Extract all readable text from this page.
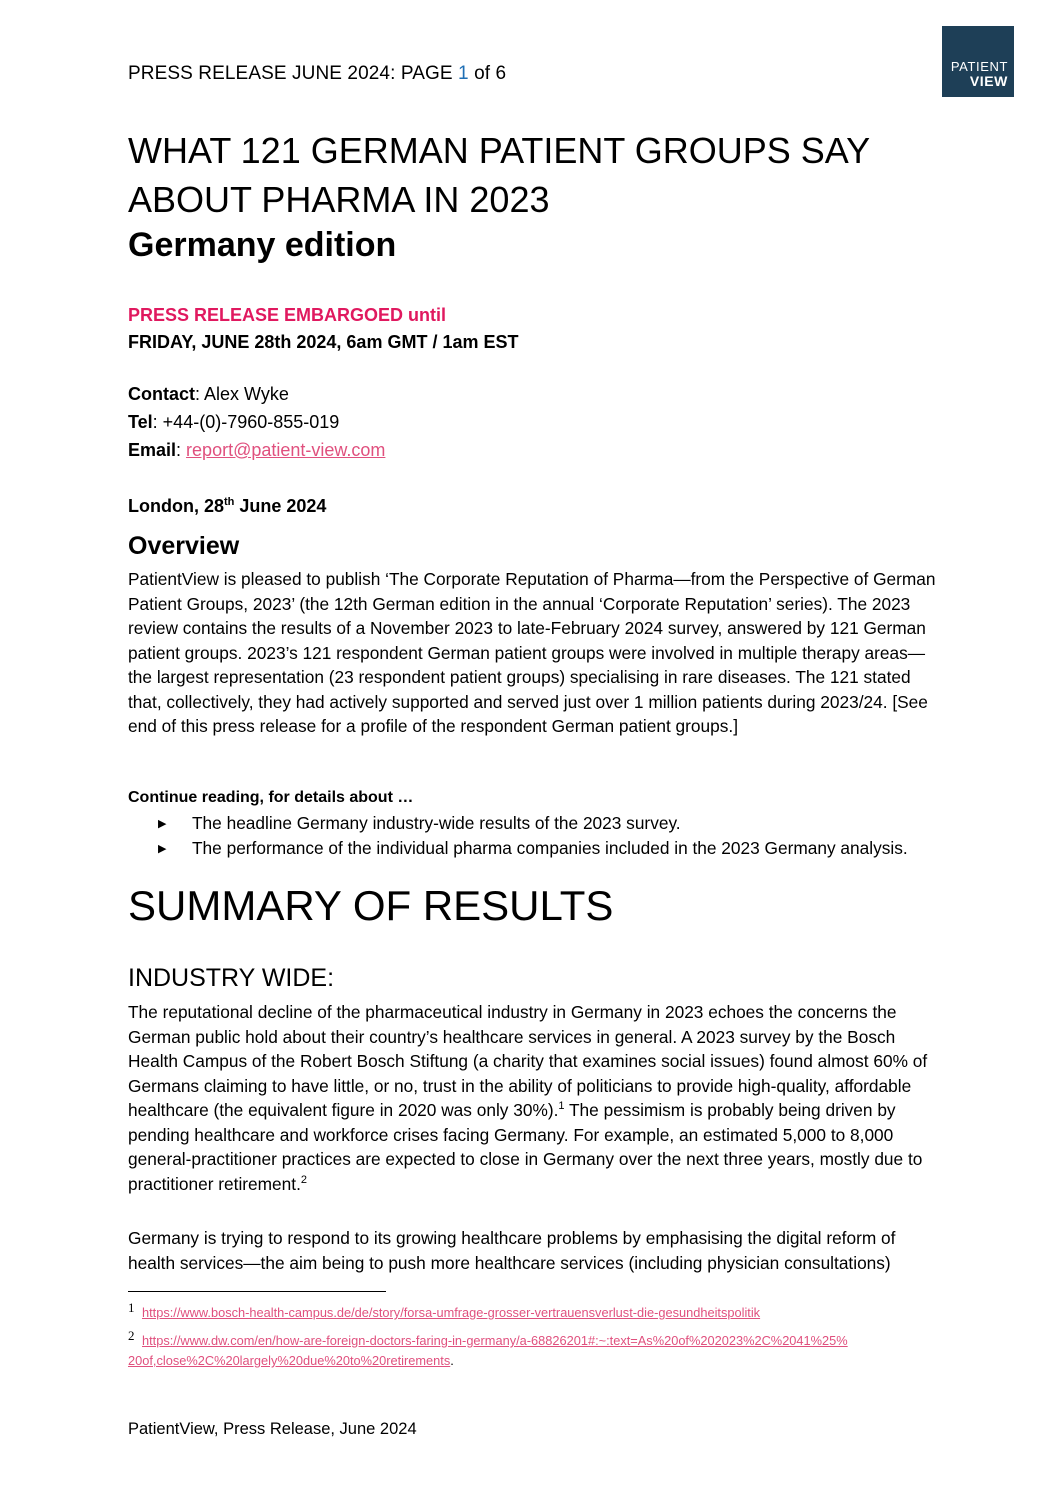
PRESS RELEASE JUNE 2024: PAGE 1 of 6	PATIENT
VIEW
WHAT 121 GERMAN PATIENT GROUPS SAY
ABOUT PHARMA IN 2023
Germany edition
PRESS RELEASE EMBARGOED until
FRIDAY, JUNE 28th 2024, 6am GMT / 1am EST
Contact: Alex Wyke
Tel: +44-(0)-7960-855-019
Email: report@patient-view.com
London, 28th June 2024
Overview

PatientView is pleased to publish ‘The Corporate Reputation of Pharma—from the Perspective of German Patient Groups, 2023’ (the 12th German edition in the annual ‘Corporate Reputation’ series). The 2023 review contains the results of a November 2023 to late-February 2024 survey, answered by 121 German patient groups. 2023’s 121 respondent German patient groups were involved in multiple therapy areas—the largest representation (23 respondent patient groups) specialising in rare diseases. The 121 stated that, collectively, they had actively supported and served just over 1 million patients during 2023/24. [See end of this press release for a profile of the respondent German patient groups.]

Continue reading, for details about …
▶ The headline Germany industry-wide results of the 2023 survey.
▶ The performance of the individual pharma companies included in the 2023 Germany analysis.
SUMMARY OF RESULTS
INDUSTRY WIDE:

The reputational decline of the pharmaceutical industry in Germany in 2023 echoes the concerns the German public hold about their country’s healthcare services in general. A 2023 survey by the Bosch Health Campus of the Robert Bosch Stiftung (a charity that examines social issues) found almost 60% of Germans claiming to have little, or no, trust in the ability of politicians to provide high-quality, affordable healthcare (the equivalent figure in 2020 was only 30%).$^1$ The pessimism is probably being driven by pending healthcare and workforce crises facing Germany. For example, an estimated 5,000 to 8,000 general-practitioner practices are expected to close in Germany over the next three years, mostly due to practitioner retirement.$^2$

Germany is trying to respond to its growing healthcare problems by emphasising the digital reform of health services—the aim being to push more healthcare services (including physician consultations)

1 https://www.bosch-health-campus.de/de/story/forsa-umfrage-grosser-vertrauensverlust-die-gesundheitspolitik
2 https://www.dw.com/en/how-are-foreign-doctors-faring-in-germany/a-68826201#:~:text=As%20of%202023%2C%2041%25%20of,close%2C%20largely%20due%20to%20retirements.
PatientView, Press Release, June 2024
